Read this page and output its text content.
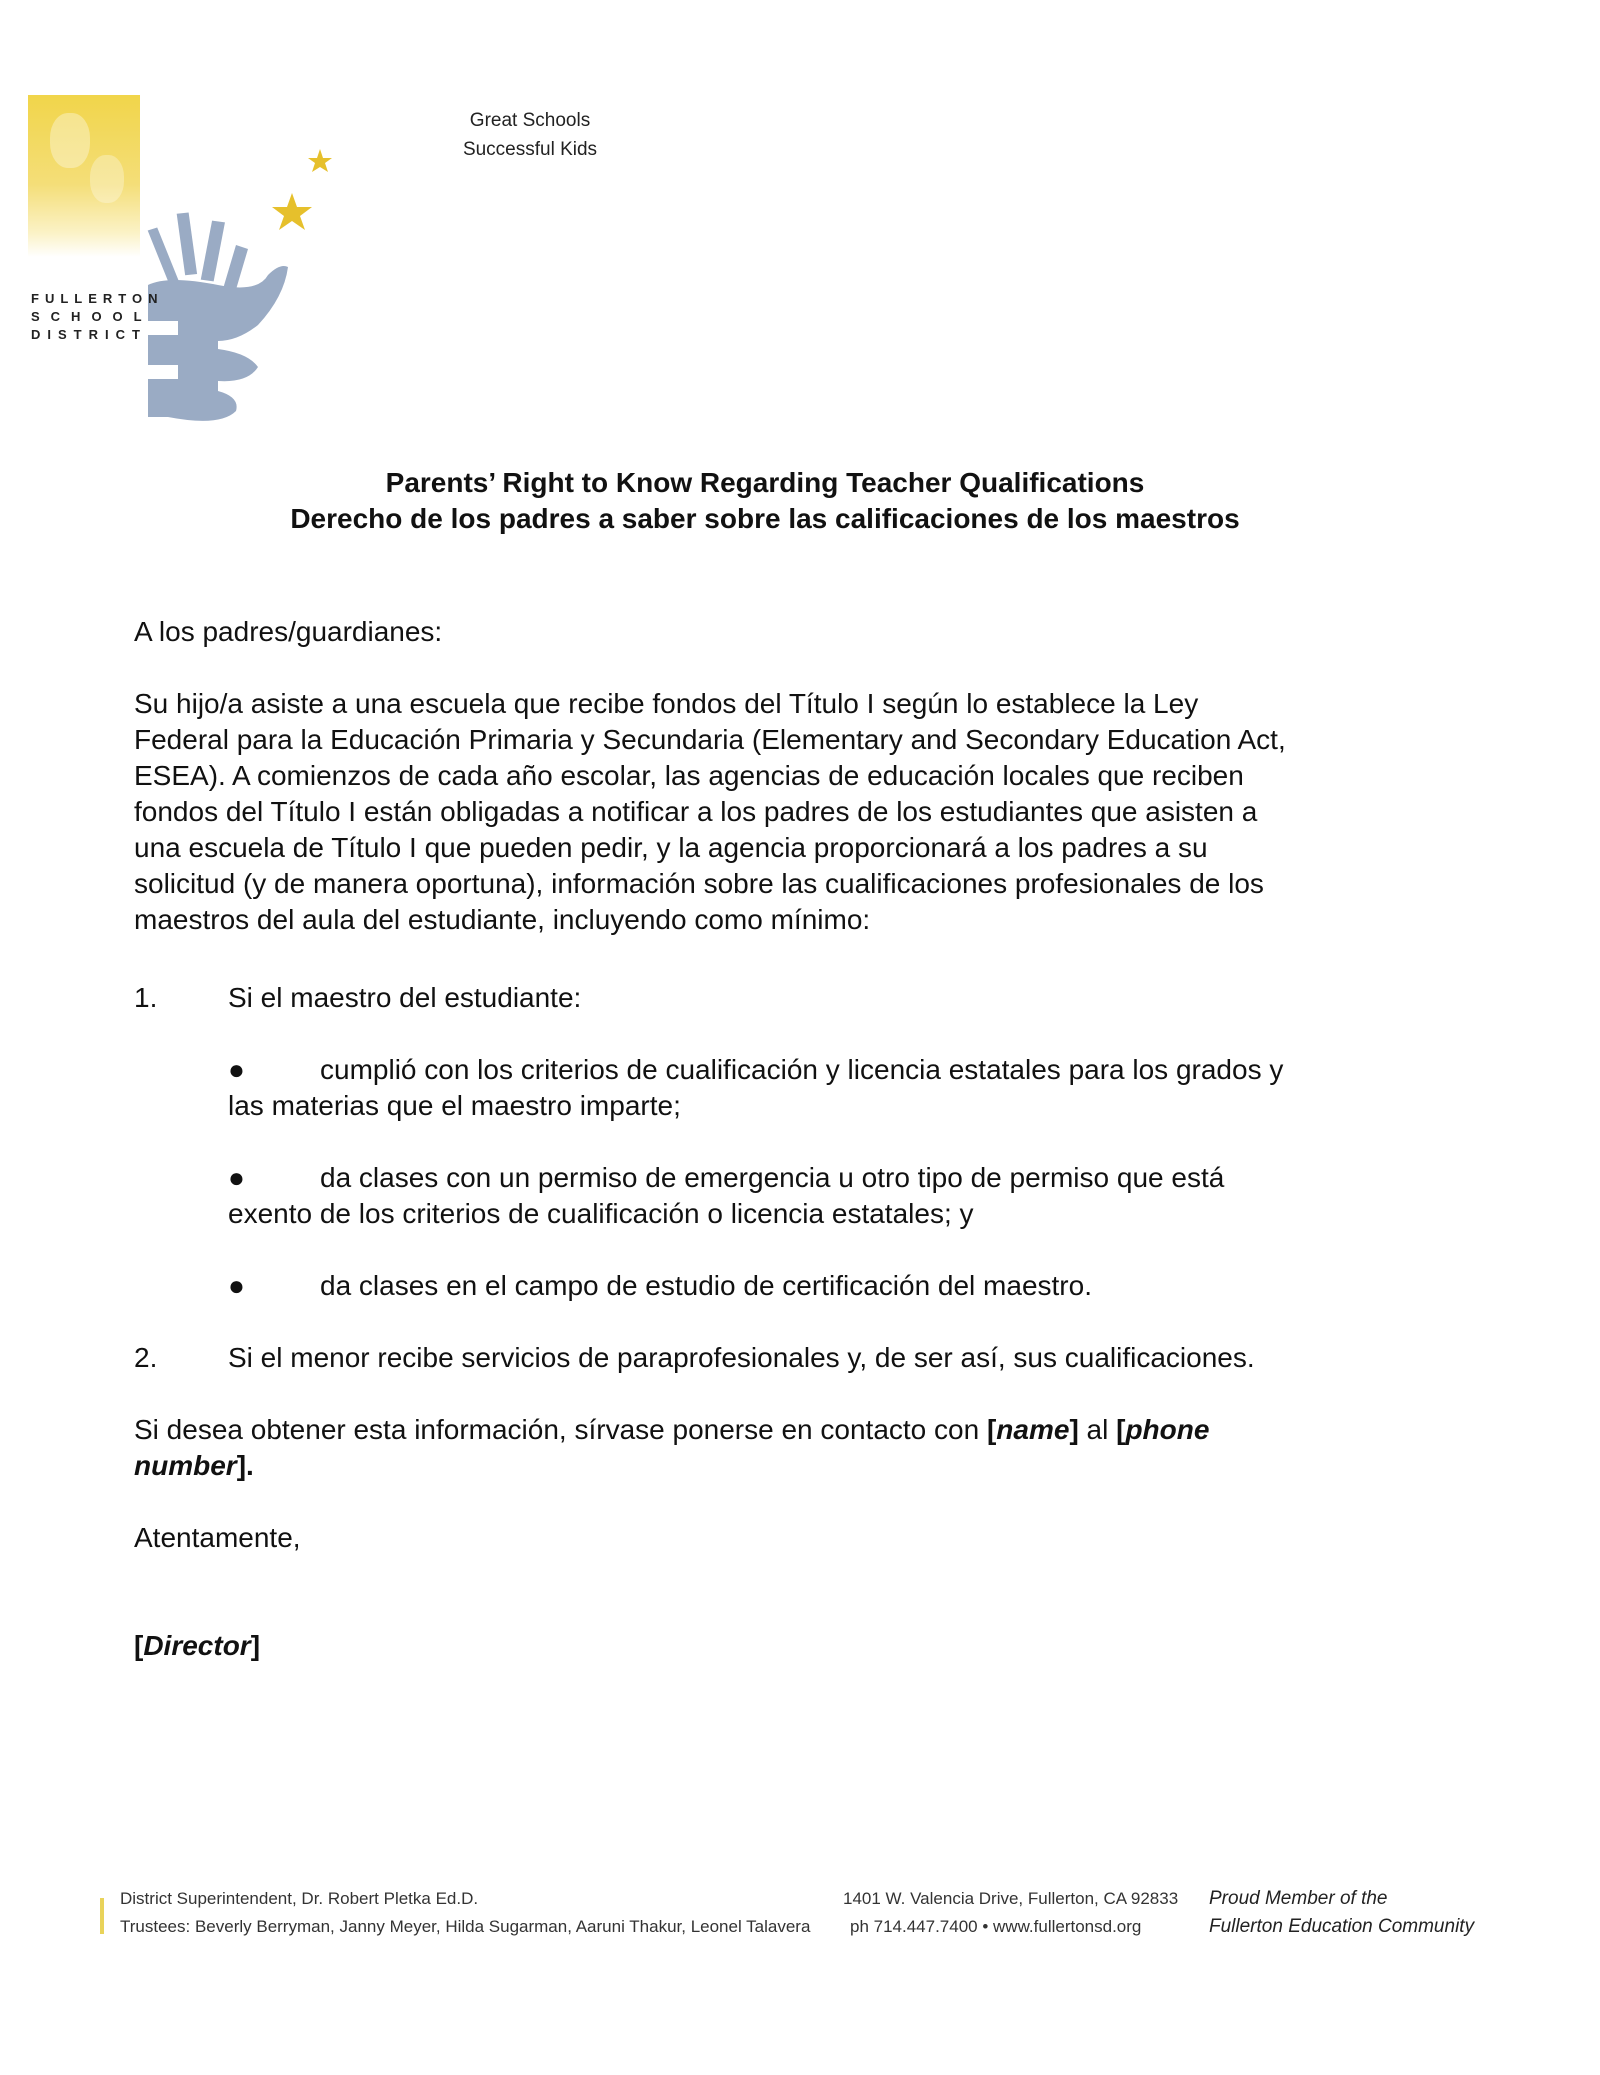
FULLERTON
SCHOOL
DISTRICT
Great Schools
Successful Kids
Parents’ Right to Know Regarding Teacher Qualifications
Derecho de los padres a saber sobre las calificaciones de los maestros
A los padres/guardianes:
Su hijo/a asiste a una escuela que recibe fondos del Título I según lo establece la Ley
Federal para la Educación Primaria y Secundaria (Elementary and Secondary Education Act,
ESEA). A comienzos de cada año escolar, las agencias de educación locales que reciben
fondos del Título I están obligadas a notificar a los padres de los estudiantes que asisten a
una escuela de Título I que pueden pedir, y la agencia proporcionará a los padres a su
solicitud (y de manera oportuna), información sobre las cualificaciones profesionales de los
maestros del aula del estudiante, incluyendo como mínimo:
1.	Si el maestro del estudiante:
●	cumplió con los criterios de cualificación y licencia estatales para los grados y
las materias que el maestro imparte;
●	da clases con un permiso de emergencia u otro tipo de permiso que está
exento de los criterios de cualificación o licencia estatales; y
●	da clases en el campo de estudio de certificación del maestro.
2.	Si el menor recibe servicios de paraprofesionales y, de ser así, sus cualificaciones.
Si desea obtener esta información, sírvase ponerse en contacto con [name] al [phone
number].
Atentamente,
[Director]
District Superintendent, Dr. Robert Pletka Ed.D.
Trustees: Beverly Berryman, Janny Meyer, Hilda Sugarman, Aaruni Thakur, Leonel Talavera
1401 W. Valencia Drive, Fullerton, CA 92833
ph 714.447.7400 • www.fullertonsd.org
Proud Member of the
Fullerton Education Community
